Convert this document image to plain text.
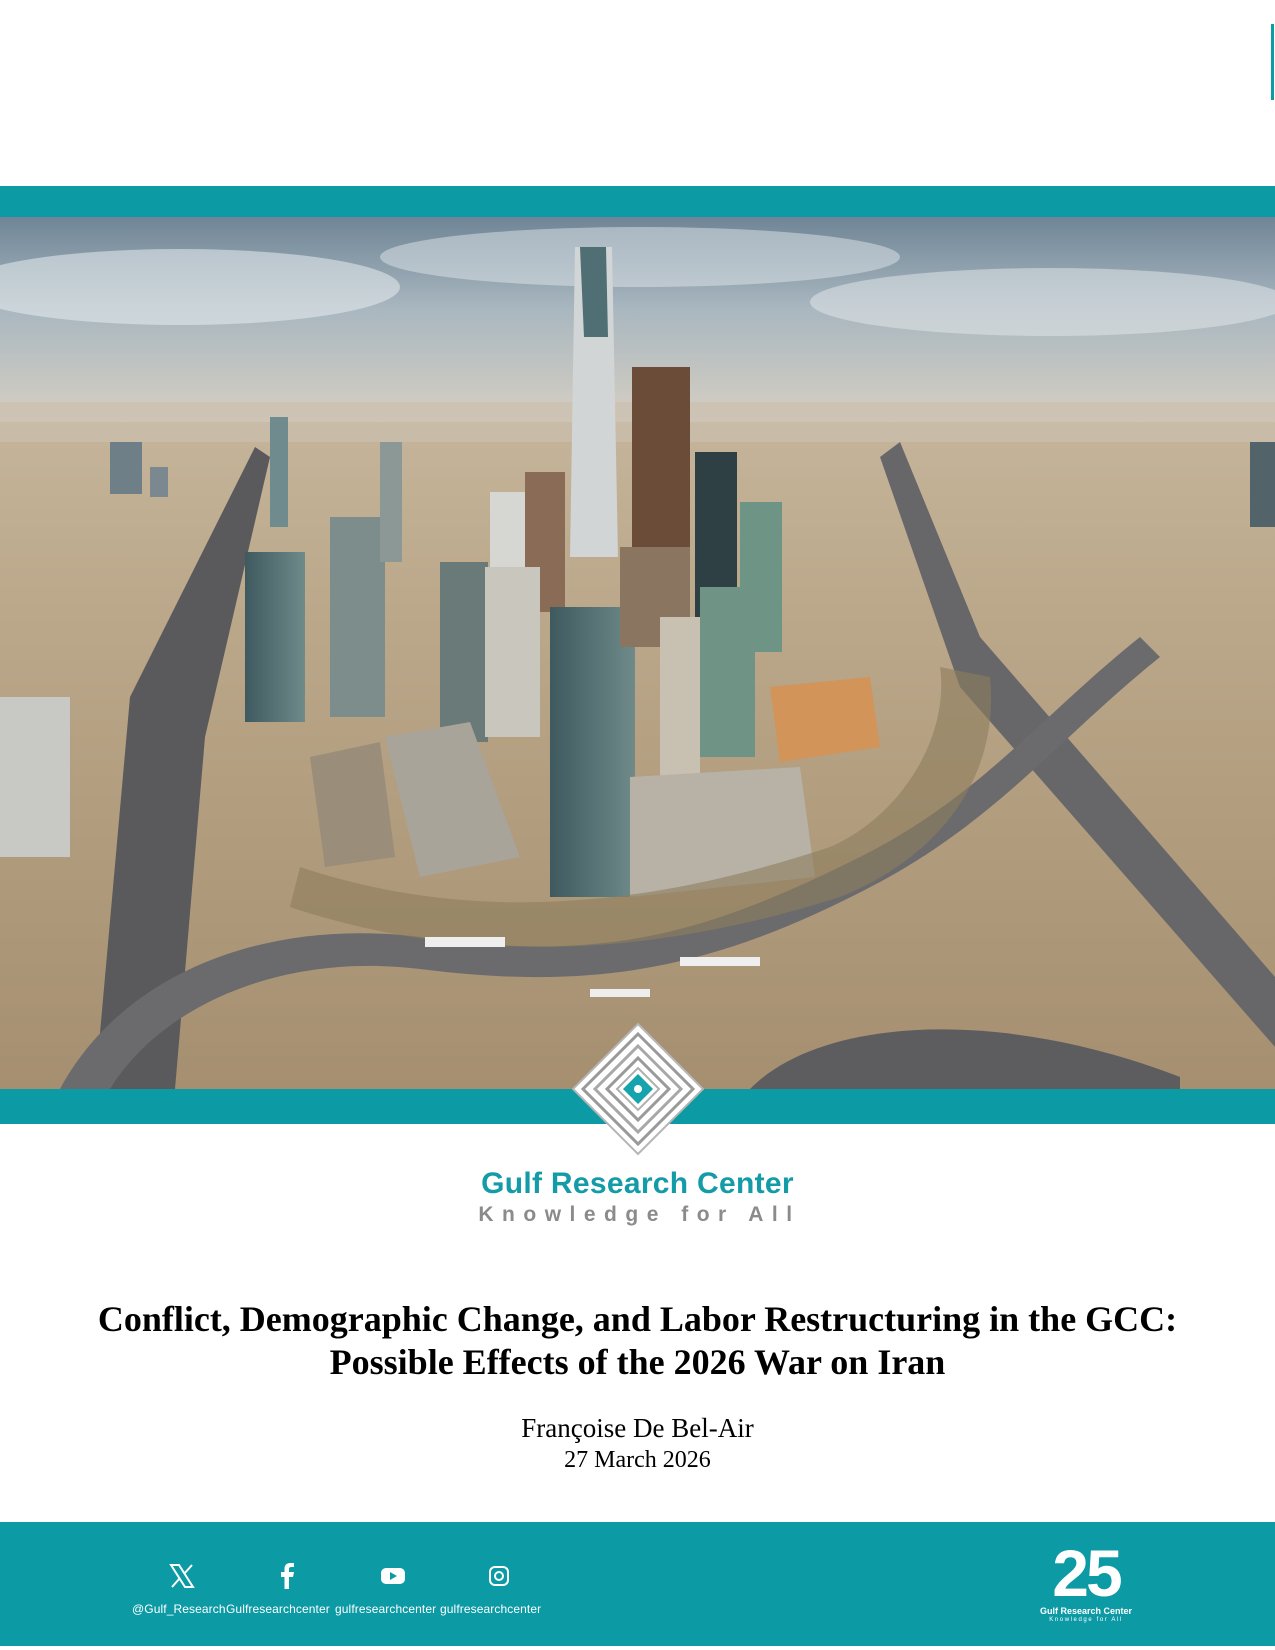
Gulf Research Center
Knowledge for All
Conflict, Demographic Change, and Labor Restructuring in the GCC:
Possible Effects of the 2026 War on Iran
Françoise De Bel-Air
27 March 2026
@Gulf_Research Gulfresearchcenter gulfresearchcenter gulfresearchcenter	25
Gulf Research Center
Knowledge for All
